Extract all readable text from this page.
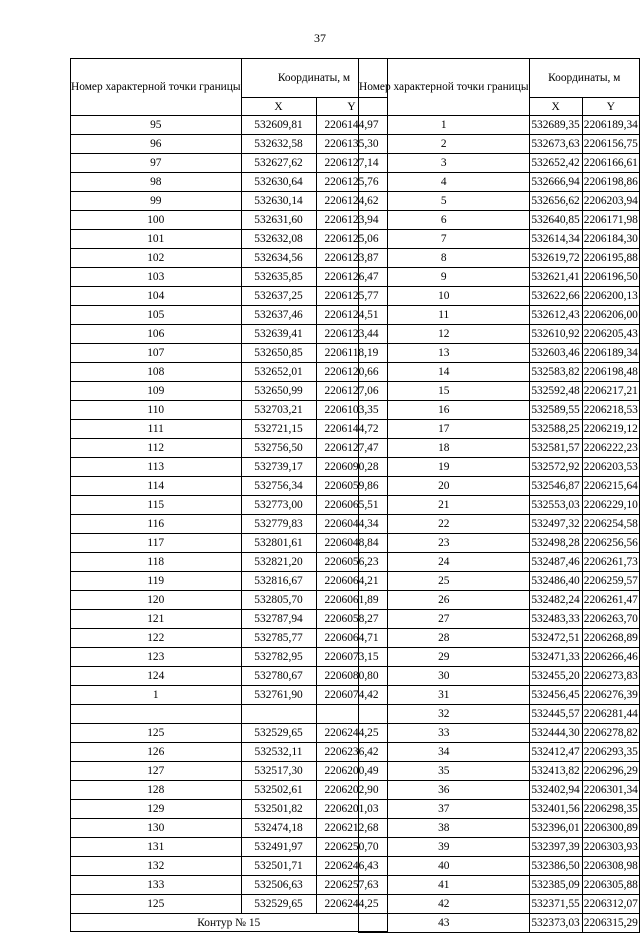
37
Номер характерной точки границы	Координаты, м	
	X	Y
95	532609,81	2206144,97
96	532632,58	2206135,30
97	532627,62	2206127,14
98	532630,64	2206125,76
99	532630,14	2206124,62
100	532631,60	2206123,94
101	532632,08	2206125,06
102	532634,56	2206123,87
103	532635,85	2206126,47
104	532637,25	2206125,77
105	532637,46	2206124,51
106	532639,41	2206123,44
107	532650,85	2206118,19
108	532652,01	2206120,66
109	532650,99	2206127,06
110	532703,21	2206103,35
111	532721,15	2206144,72
112	532756,50	2206127,47
113	532739,17	2206090,28
114	532756,34	2206059,86
115	532773,00	2206065,51
116	532779,83	2206044,34
117	532801,61	2206048,84
118	532821,20	2206056,23
119	532816,67	2206064,21
120	532805,70	2206061,89
121	532787,94	2206058,27
122	532785,77	2206064,71
123	532782,95	2206073,15
124	532780,67	2206080,80
1	532761,90	2206074,42

125	532529,65	2206244,25
126	532532,11	2206236,42
127	532517,30	2206200,49
128	532502,61	2206202,90
129	532501,82	2206201,03
130	532474,18	2206212,68
131	532491,97	2206250,70
132	532501,71	2206246,43
133	532506,63	2206257,63
125	532529,65	2206244,25
Контур № 15		
Номер характерной точки границы	Координаты, м	
	X	Y
1	532689,35	2206189,34
2	532673,63	2206156,75
3	532652,42	2206166,61
4	532666,94	2206198,86
5	532656,62	2206203,94
6	532640,85	2206171,98
7	532614,34	2206184,30
8	532619,72	2206195,88
9	532621,41	2206196,50
10	532622,66	2206200,13
11	532612,43	2206206,00
12	532610,92	2206205,43
13	532603,46	2206189,34
14	532583,82	2206198,48
15	532592,48	2206217,21
16	532589,55	2206218,53
17	532588,25	2206219,12
18	532581,57	2206222,23
19	532572,92	2206203,53
20	532546,87	2206215,64
21	532553,03	2206229,10
22	532497,32	2206254,58
23	532498,28	2206256,56
24	532487,46	2206261,73
25	532486,40	2206259,57
26	532482,24	2206261,47
27	532483,33	2206263,70
28	532472,51	2206268,89
29	532471,33	2206266,46
30	532455,20	2206273,83
31	532456,45	2206276,39
32	532445,57	2206281,44
33	532444,30	2206278,82
34	532412,47	2206293,35
35	532413,82	2206296,29
36	532402,94	2206301,34
37	532401,56	2206298,35
38	532396,01	2206300,89
39	532397,39	2206303,93
40	532386,50	2206308,98
41	532385,09	2206305,88
42	532371,55	2206312,07
43	532373,03	2206315,29
